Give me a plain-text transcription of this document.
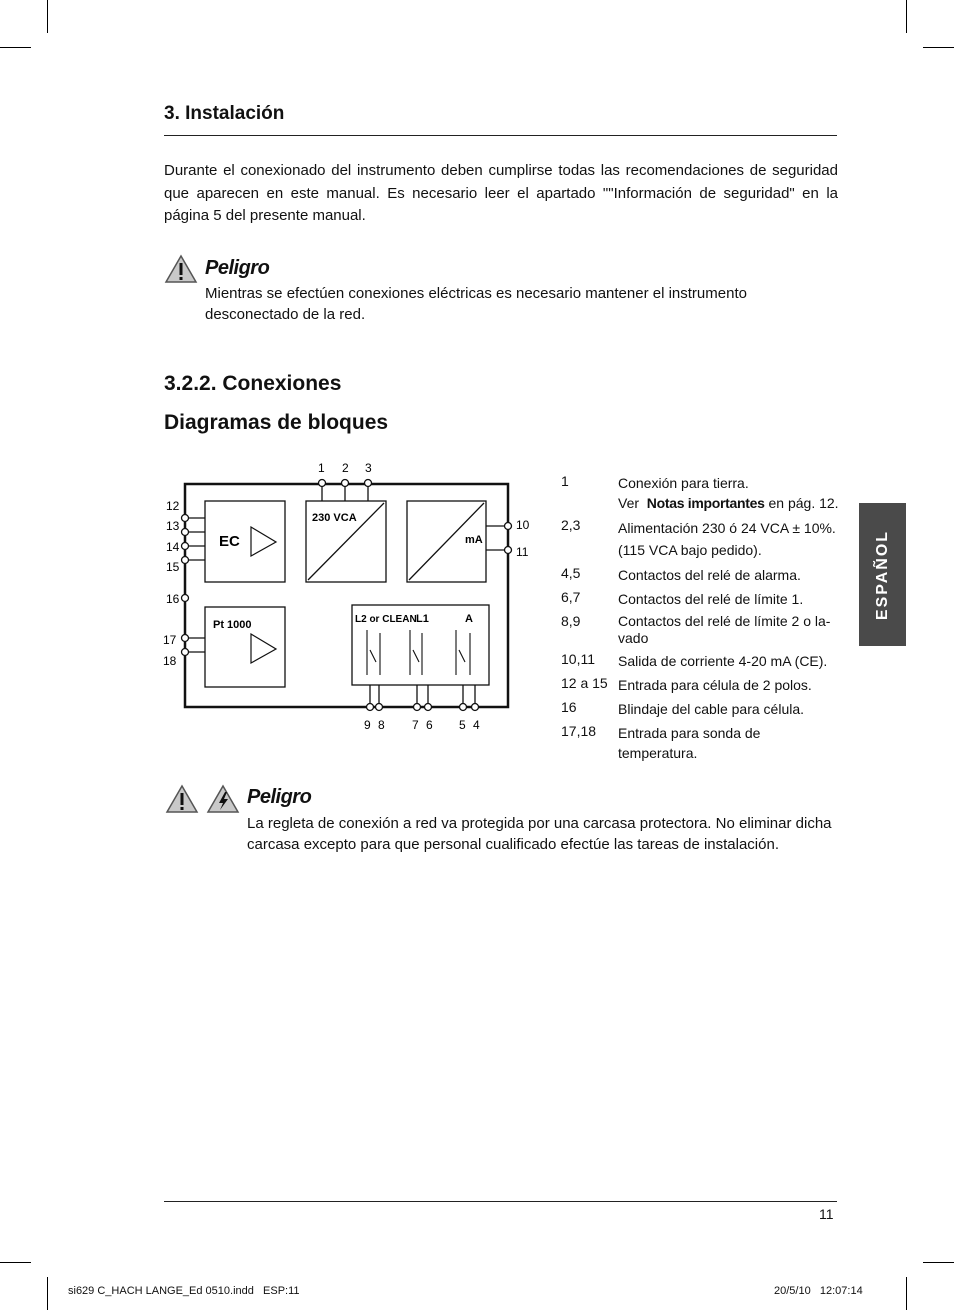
3. Instalación
Durante el conexionado del instrumento deben cumplirse todas las recomendaciones de seguridad que aparecen en este manual. Es necesario leer el apartado ""Información de seguridad" en la página 5 del presente manual.
Peligro
Mientras se efectúen conexiones eléctricas es necesario mantener el instrumento desconectado de la red.
3.2.2. Conexiones
Diagramas de bloques
1 2 3
12
13
14
15
16
17
18
10
11
EC
Pt 1000
230 VCA
mA
L2 or CLEAN L1	A
9 8 7 6 5 4
1	Conexión para tierra.
Ver Notas importantes en pág. 12.
2,3	Alimentación 230 ó 24 VCA ± 10%.
(115 VCA bajo pedido).
4,5	Contactos del relé de alarma.
6,7	Contactos del relé de límite 1.
8,9	Contactos del relé de límite 2 o la-
vado
10,11 Salida de corriente 4-20 mA (CE).
12 a 15 Entrada para célula de 2 polos.
16	Blindaje del cable para célula.
17,18 Entrada para sonda de temperatura.
ESPAÑOL
Peligro
La regleta de conexión a red va protegida por una carcasa protectora. No eliminar dicha carcasa excepto para que personal cualificado efectúe las tareas de instalación.
11
si629 C_HACH LANGE_Ed 0510.indd   ESP:11	20/5/10   12:07:14
